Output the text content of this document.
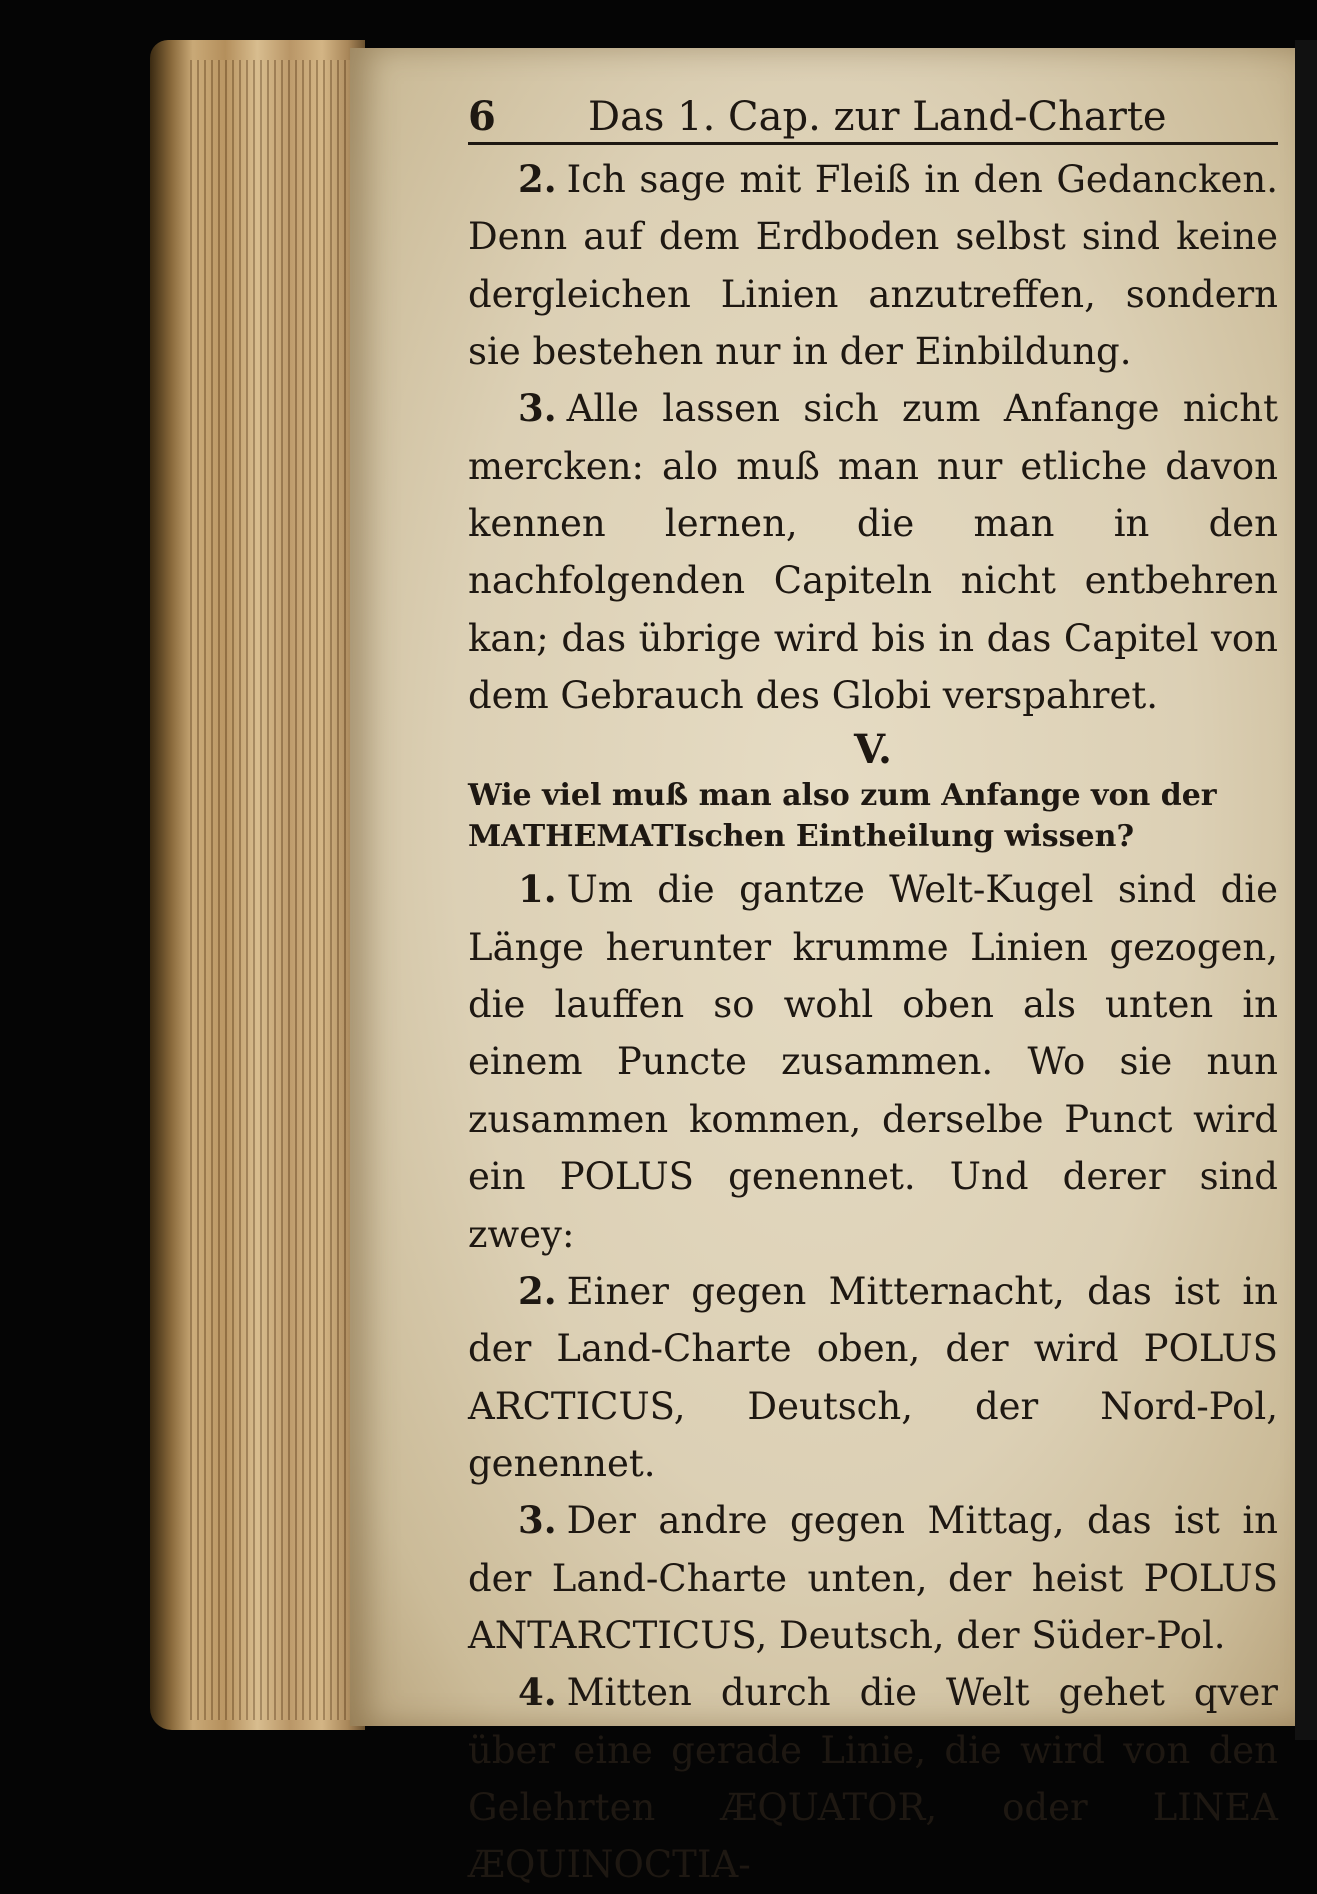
6 Das 1. Cap. zur Land-Charte

2. Ich sage mit Fleiß in den Gedancken. Denn auf dem Erdboden selbst sind keine dergleichen Linien anzutreffen, sondern sie bestehen nur in der Einbildung.

3. Alle lassen sich zum Anfange nicht mercken: alo muß man nur etliche davon kennen lernen, die man in den nachfolgenden Capiteln nicht entbehren kan; das übrige wird bis in das Capitel von dem Gebrauch des Globi verspahret.

V.

Wie viel muß man also zum Anfange von der MATHEMATIschen Eintheilung wissen?

1. Um die gantze Welt-Kugel sind die Länge herunter krumme Linien gezogen, die lauffen so wohl oben als unten in einem Puncte zusammen. Wo sie nun zusammen kommen, derselbe Punct wird ein POLUS genennet. Und derer sind zwey:

2. Einer gegen Mitternacht, das ist in der Land-Charte oben, der wird POLUS ARCTICUS, Deutsch, der Nord-Pol, genennet.

3. Der andre gegen Mittag, das ist in der Land-Charte unten, der heist POLUS ANTARCTICUS, Deutsch, der Süder-Pol.

4. Mitten durch die Welt gehet qver über eine gerade Linie, die wird von den Gelehrten ÆQUATOR, oder LINEA ÆQUINOCTIA-
